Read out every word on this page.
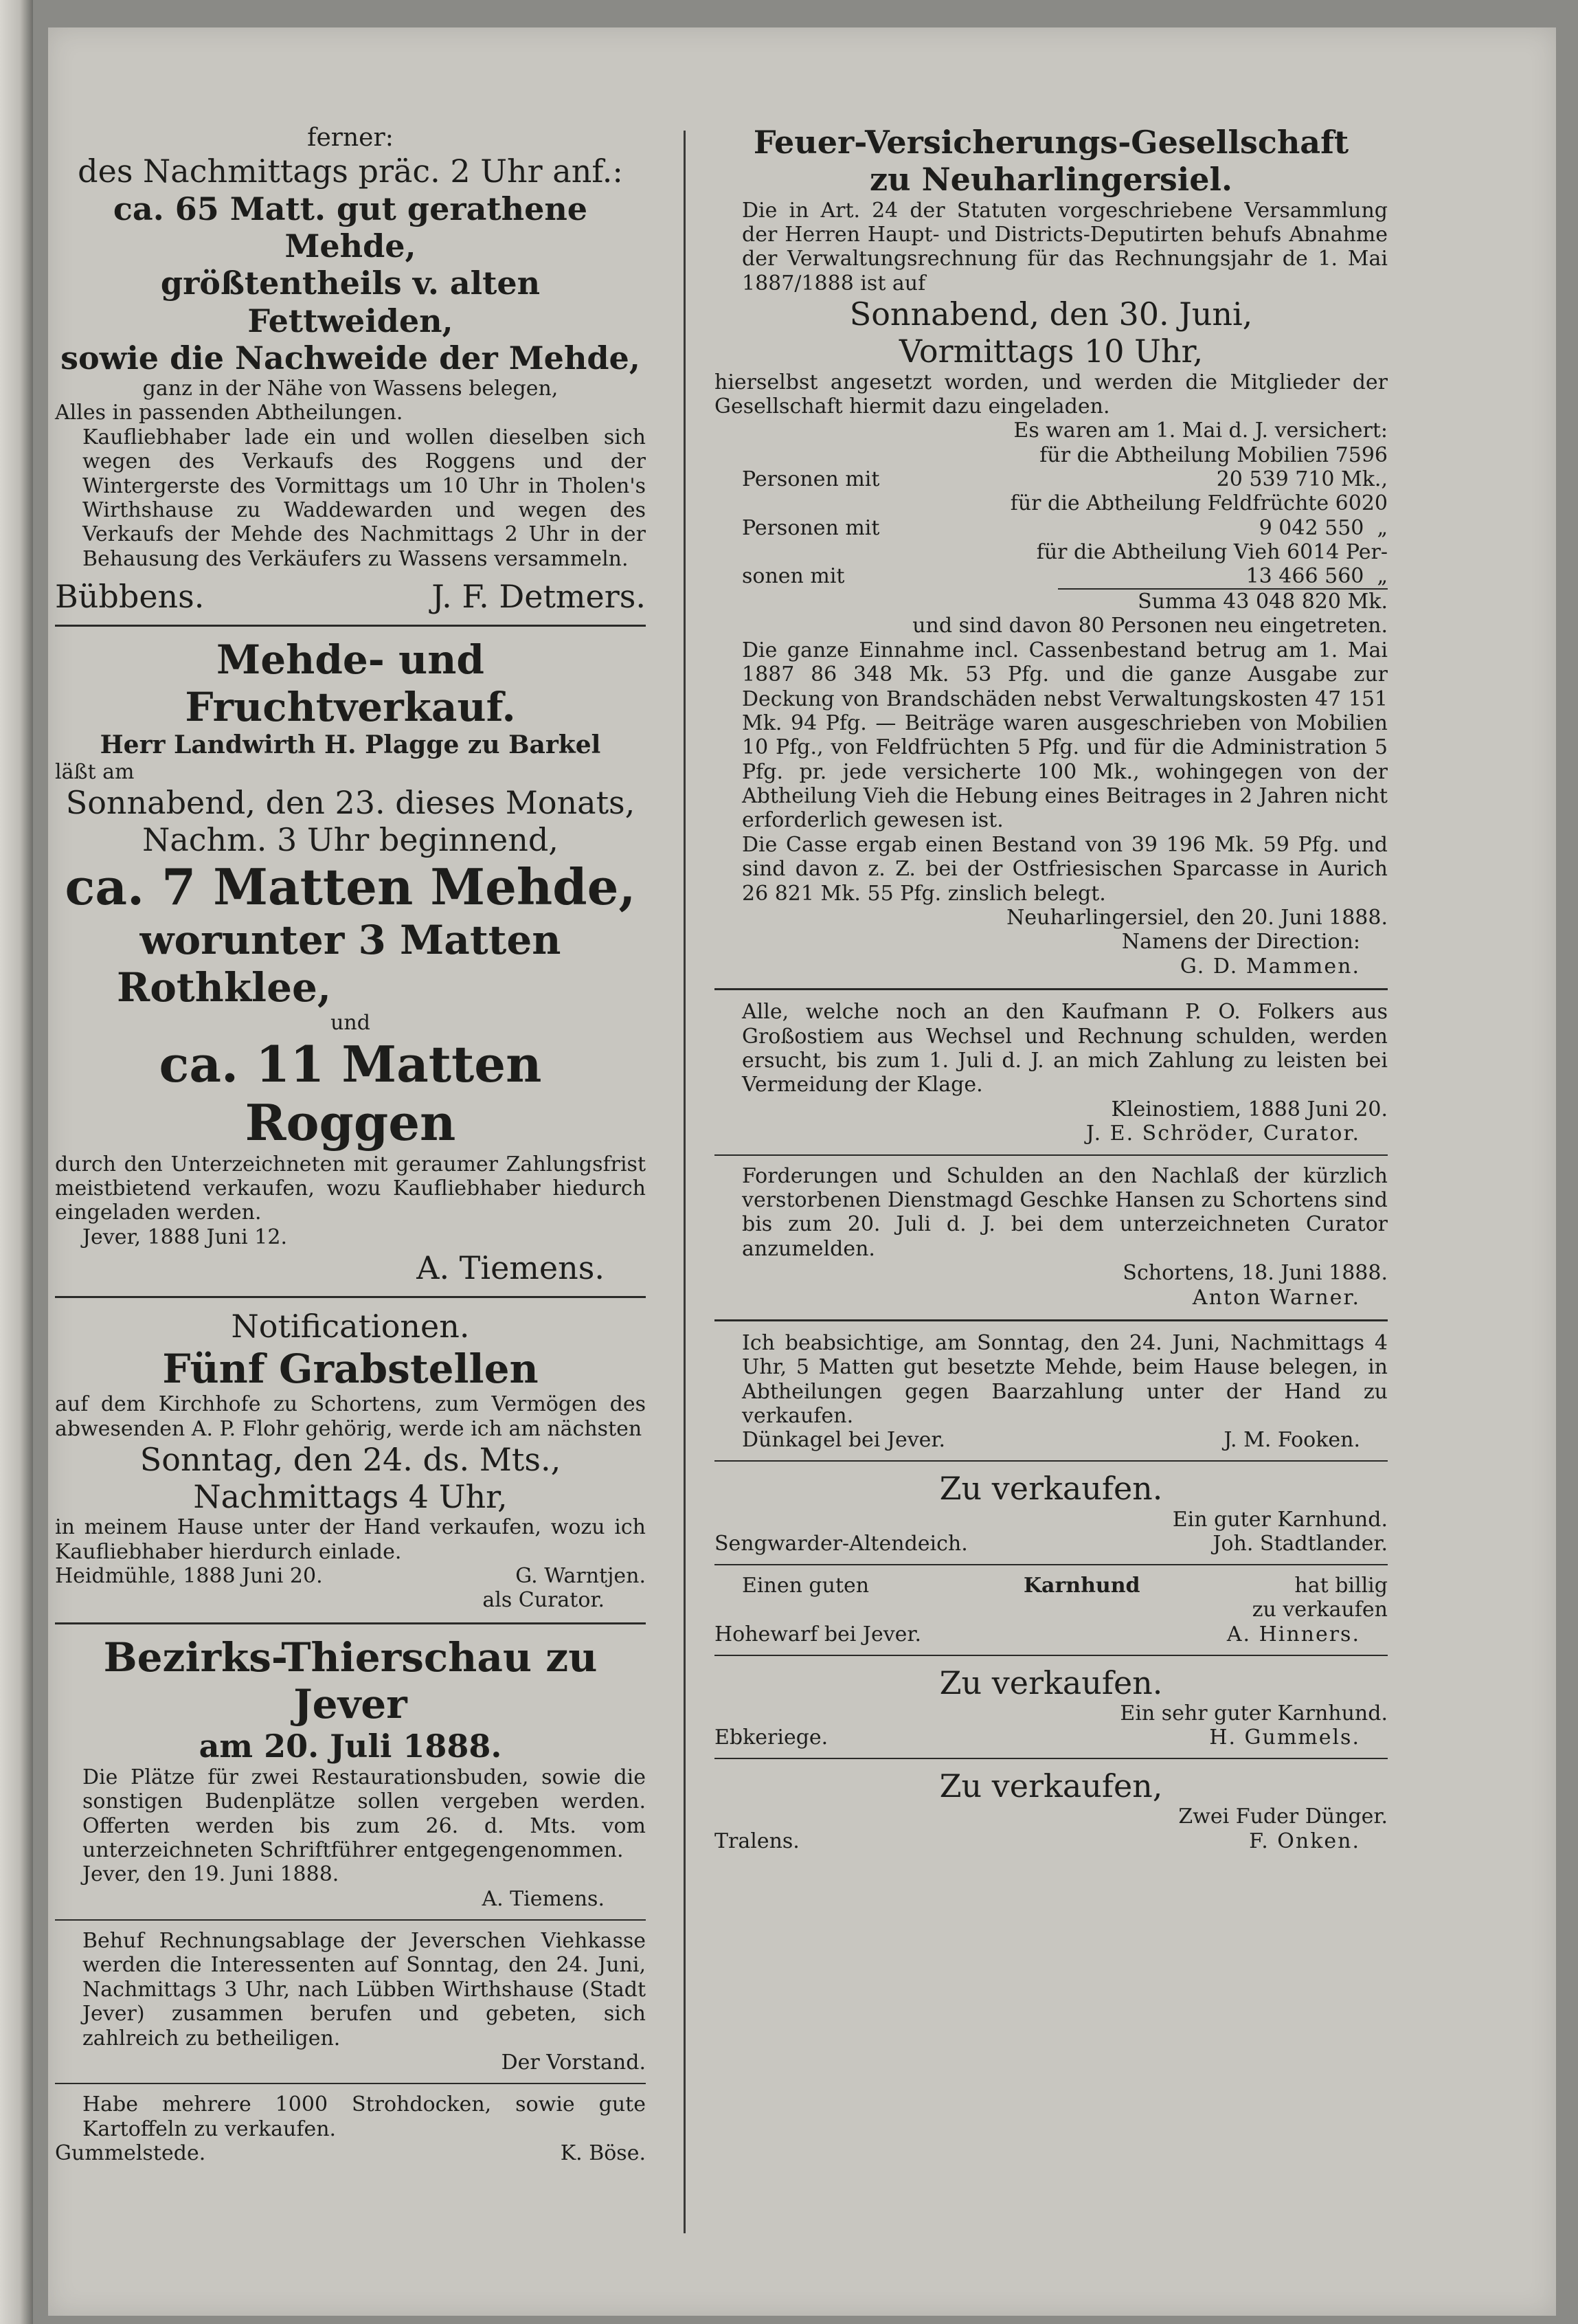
ferner:

des Nachmittags präc. 2 Uhr anf.:

ca. 65 Matt. gut gerathene Mehde,

größtentheils v. alten Fettweiden,

sowie die Nachweide der Mehde,

ganz in der Nähe von Wassens belegen,

Alles in passenden Abtheilungen.

Kaufliebhaber lade ein und wollen dieselben sich wegen des Verkaufs des Roggens und der Wintergerste des Vormittags um 10 Uhr in Tholen's Wirthshause zu Waddewarden und wegen des Verkaufs der Mehde des Nachmittags 2 Uhr in der Behausung des Verkäufers zu Wassens versammeln.

Bübbens.	J. F. Detmers.

Mehde- und Fruchtverkauf.

Herr Landwirth H. Plagge zu Barkel

läßt am

Sonnabend, den 23. dieses Monats,

Nachm. 3 Uhr beginnend,

ca. 7 Matten Mehde,

worunter 3 Matten

Rothklee,

und

ca. 11 Matten Roggen

durch den Unterzeichneten mit geraumer Zahlungsfrist meistbietend verkaufen, wozu Kaufliebhaber hiedurch eingeladen werden.

Jever, 1888 Juni 12.

A. Tiemens.

Notificationen.

Fünf Grabstellen

auf dem Kirchhofe zu Schortens, zum Vermögen des abwesenden A. P. Flohr gehörig, werde ich am nächsten

Sonntag, den 24. ds. Mts.,

Nachmittags 4 Uhr,

in meinem Hause unter der Hand verkaufen, wozu ich Kaufliebhaber hierdurch einlade.

Heidmühle, 1888 Juni 20.	G. Warntjen.

als Curator.

Bezirks-Thierschau zu Jever

am 20. Juli 1888.

Die Plätze für zwei Restaurationsbuden, sowie die sonstigen Budenplätze sollen vergeben werden. Offerten werden bis zum 26. d. Mts. vom unterzeichneten Schriftführer entgegengenommen.

Jever, den 19. Juni 1888.

A. Tiemens.

Behuf Rechnungsablage der Jeverschen Viehkasse werden die Interessenten auf Sonntag, den 24. Juni, Nachmittags 3 Uhr, nach Lübben Wirthshause (Stadt Jever) zusammen berufen und gebeten, sich zahlreich zu betheiligen.

Der Vorstand.

Habe mehrere 1000 Strohdocken, sowie gute Kartoffeln zu verkaufen.

Gummelstede.	K. Böse.

Feuer-Versicherungs-Gesellschaft

zu Neuharlingersiel.

Die in Art. 24 der Statuten vorgeschriebene Versammlung der Herren Haupt- und Districts-Deputirten behufs Abnahme der Verwaltungsrechnung für das Rechnungsjahr de 1. Mai 1887/1888 ist auf

Sonnabend, den 30. Juni,

Vormittags 10 Uhr,

hierselbst angesetzt worden, und werden die Mitglieder der Gesellschaft hiermit dazu eingeladen.

Es waren am 1. Mai d. J. versichert:

für die Abtheilung Mobilien 7596

Personen mit	20 539 710 Mk.,

für die Abtheilung Feldfrüchte 6020

Personen mit	9 042 550 „

für die Abtheilung Vieh 6014 Per-

sonen mit	13 466 560 „

Summa 43 048 820 Mk.

und sind davon 80 Personen neu eingetreten.

Die ganze Einnahme incl. Cassenbestand betrug am 1. Mai 1887 86 348 Mk. 53 Pfg. und die ganze Ausgabe zur Deckung von Brandschäden nebst Verwaltungskosten 47 151 Mk. 94 Pfg. — Beiträge waren ausgeschrieben von Mobilien 10 Pfg., von Feldfrüchten 5 Pfg. und für die Administration 5 Pfg. pr. jede versicherte 100 Mk., wohingegen von der Abtheilung Vieh die Hebung eines Beitrages in 2 Jahren nicht erforderlich gewesen ist.

Die Casse ergab einen Bestand von 39 196 Mk. 59 Pfg. und sind davon z. Z. bei der Ostfriesischen Sparcasse in Aurich 26 821 Mk. 55 Pfg. zinslich belegt.

Neuharlingersiel, den 20. Juni 1888.

Namens der Direction:

G. D. Mammen.

Alle, welche noch an den Kaufmann P. O. Folkers aus Großostiem aus Wechsel und Rechnung schulden, werden ersucht, bis zum 1. Juli d. J. an mich Zahlung zu leisten bei Vermeidung der Klage.

Kleinostiem, 1888 Juni 20.

J. E. Schröder, Curator.

Forderungen und Schulden an den Nachlaß der kürzlich verstorbenen Dienstmagd Geschke Hansen zu Schortens sind bis zum 20. Juli d. J. bei dem unterzeichneten Curator anzumelden.

Schortens, 18. Juni 1888.

Anton Warner.

Ich beabsichtige, am Sonntag, den 24. Juni, Nachmittags 4 Uhr, 5 Matten gut besetzte Mehde, beim Hause belegen, in Abtheilungen gegen Baarzahlung unter der Hand zu verkaufen.

Dünkagel bei Jever.	J. M. Fooken.

Zu verkaufen.

Ein guter Karnhund.

Sengwarder-Altendeich.	Joh. Stadtlander.
Einen guten	Karnhund	hat billig

zu verkaufen

Hohewarf bei Jever.	A. Hinners.

Zu verkaufen.

Ein sehr guter Karnhund.

Ebkeriege.	H. Gummels.

Zu verkaufen,

Zwei Fuder Dünger.

Tralens.	F. Onken.
